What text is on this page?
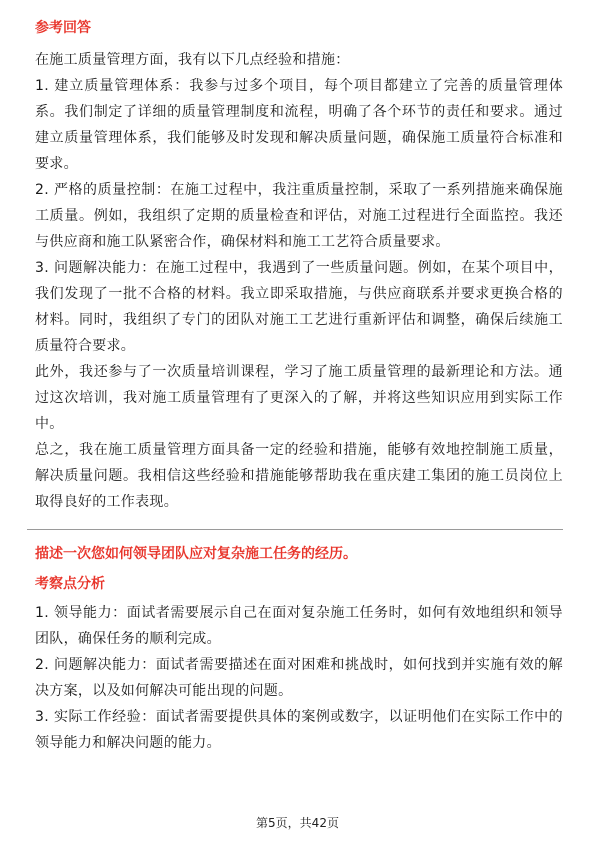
参考回答
在施工质量管理方面，我有以下几点经验和措施：
1. 建立质量管理体系：我参与过多个项目，每个项目都建立了完善的质量管理体系。我们制定了详细的质量管理制度和流程，明确了各个环节的责任和要求。通过建立质量管理体系，我们能够及时发现和解决质量问题，确保施工质量符合标准和要求。
2. 严格的质量控制：在施工过程中，我注重质量控制，采取了一系列措施来确保施工质量。例如，我组织了定期的质量检查和评估，对施工过程进行全面监控。我还与供应商和施工队紧密合作，确保材料和施工工艺符合质量要求。
3. 问题解决能力：在施工过程中，我遇到了一些质量问题。例如，在某个项目中，我们发现了一批不合格的材料。我立即采取措施，与供应商联系并要求更换合格的材料。同时，我组织了专门的团队对施工工艺进行重新评估和调整，确保后续施工质量符合要求。
此外，我还参与了一次质量培训课程，学习了施工质量管理的最新理论和方法。通过这次培训，我对施工质量管理有了更深入的了解，并将这些知识应用到实际工作中。
总之，我在施工质量管理方面具备一定的经验和措施，能够有效地控制施工质量，解决质量问题。我相信这些经验和措施能够帮助我在重庆建工集团的施工员岗位上取得良好的工作表现。
描述一次您如何领导团队应对复杂施工任务的经历。
考察点分析
1. 领导能力：面试者需要展示自己在面对复杂施工任务时，如何有效地组织和领导团队，确保任务的顺利完成。
2. 问题解决能力：面试者需要描述在面对困难和挑战时，如何找到并实施有效的解决方案，以及如何解决可能出现的问题。
3. 实际工作经验：面试者需要提供具体的案例或数字，以证明他们在实际工作中的领导能力和解决问题的能力。
第5页，共42页
